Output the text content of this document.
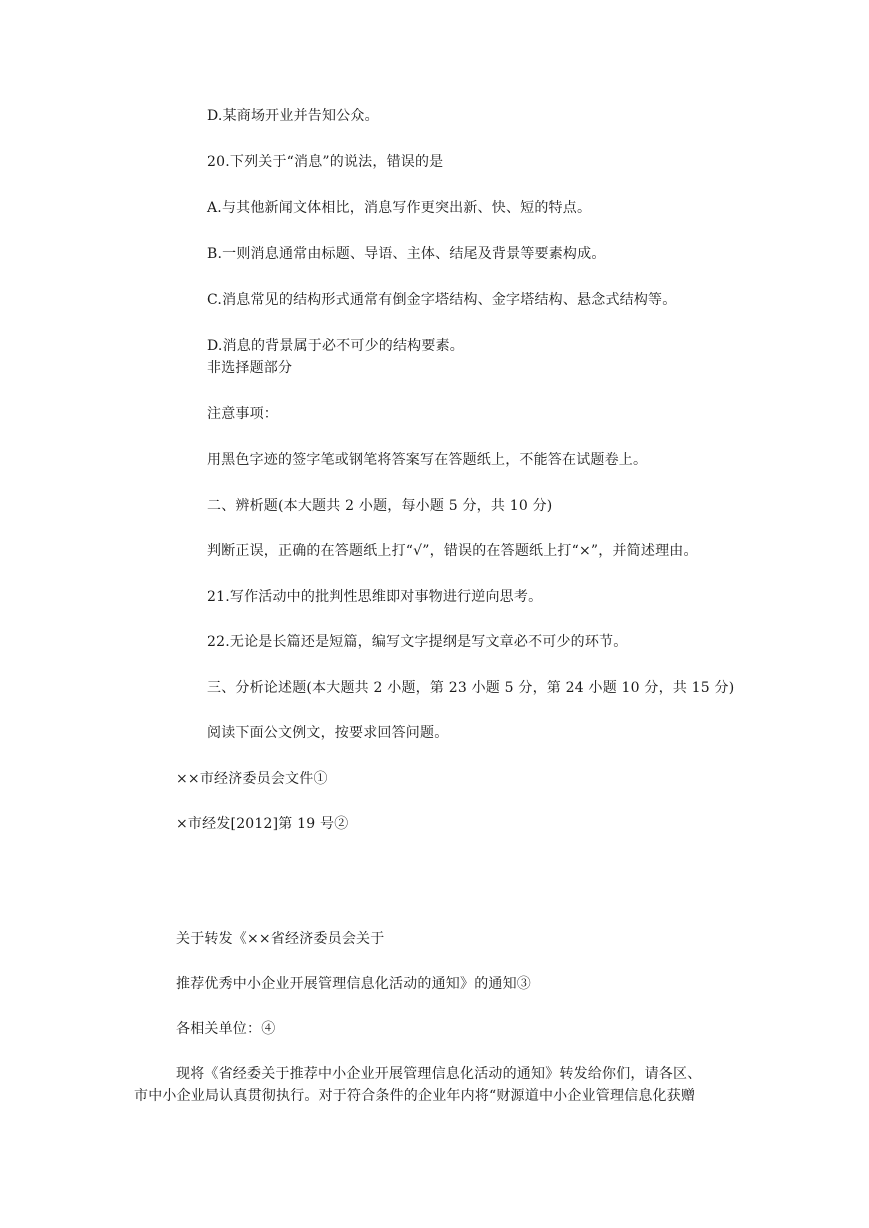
D.某商场开业并告知公众。
20.下列关于“消息”的说法，错误的是
A.与其他新闻文体相比，消息写作更突出新、快、短的特点。
B.一则消息通常由标题、导语、主体、结尾及背景等要素构成。
C.消息常见的结构形式通常有倒金字塔结构、金字塔结构、悬念式结构等。
D.消息的背景属于必不可少的结构要素。
非选择题部分
注意事项：
用黑色字迹的签字笔或钢笔将答案写在答题纸上，不能答在试题卷上。
二、辨析题(本大题共 2 小题，每小题 5 分，共 10 分)
判断正误，正确的在答题纸上打“√”，错误的在答题纸上打“×”，并简述理由。
21.写作活动中的批判性思维即对事物进行逆向思考。
22.无论是长篇还是短篇，编写文字提纲是写文章必不可少的环节。
三、分析论述题(本大题共 2 小题，第 23 小题 5 分，第 24 小题 10 分，共 15 分)
阅读下面公文例文，按要求回答问题。
××市经济委员会文件①
×市经发[2012]第 19 号②
关于转发《××省经济委员会关于
推荐优秀中小企业开展管理信息化活动的通知》的通知③
各相关单位：④
现将《省经委关于推荐中小企业开展管理信息化活动的通知》转发给你们，请各区、
市中小企业局认真贯彻执行。对于符合条件的企业年内将“财源道中小企业管理信息化获赠
